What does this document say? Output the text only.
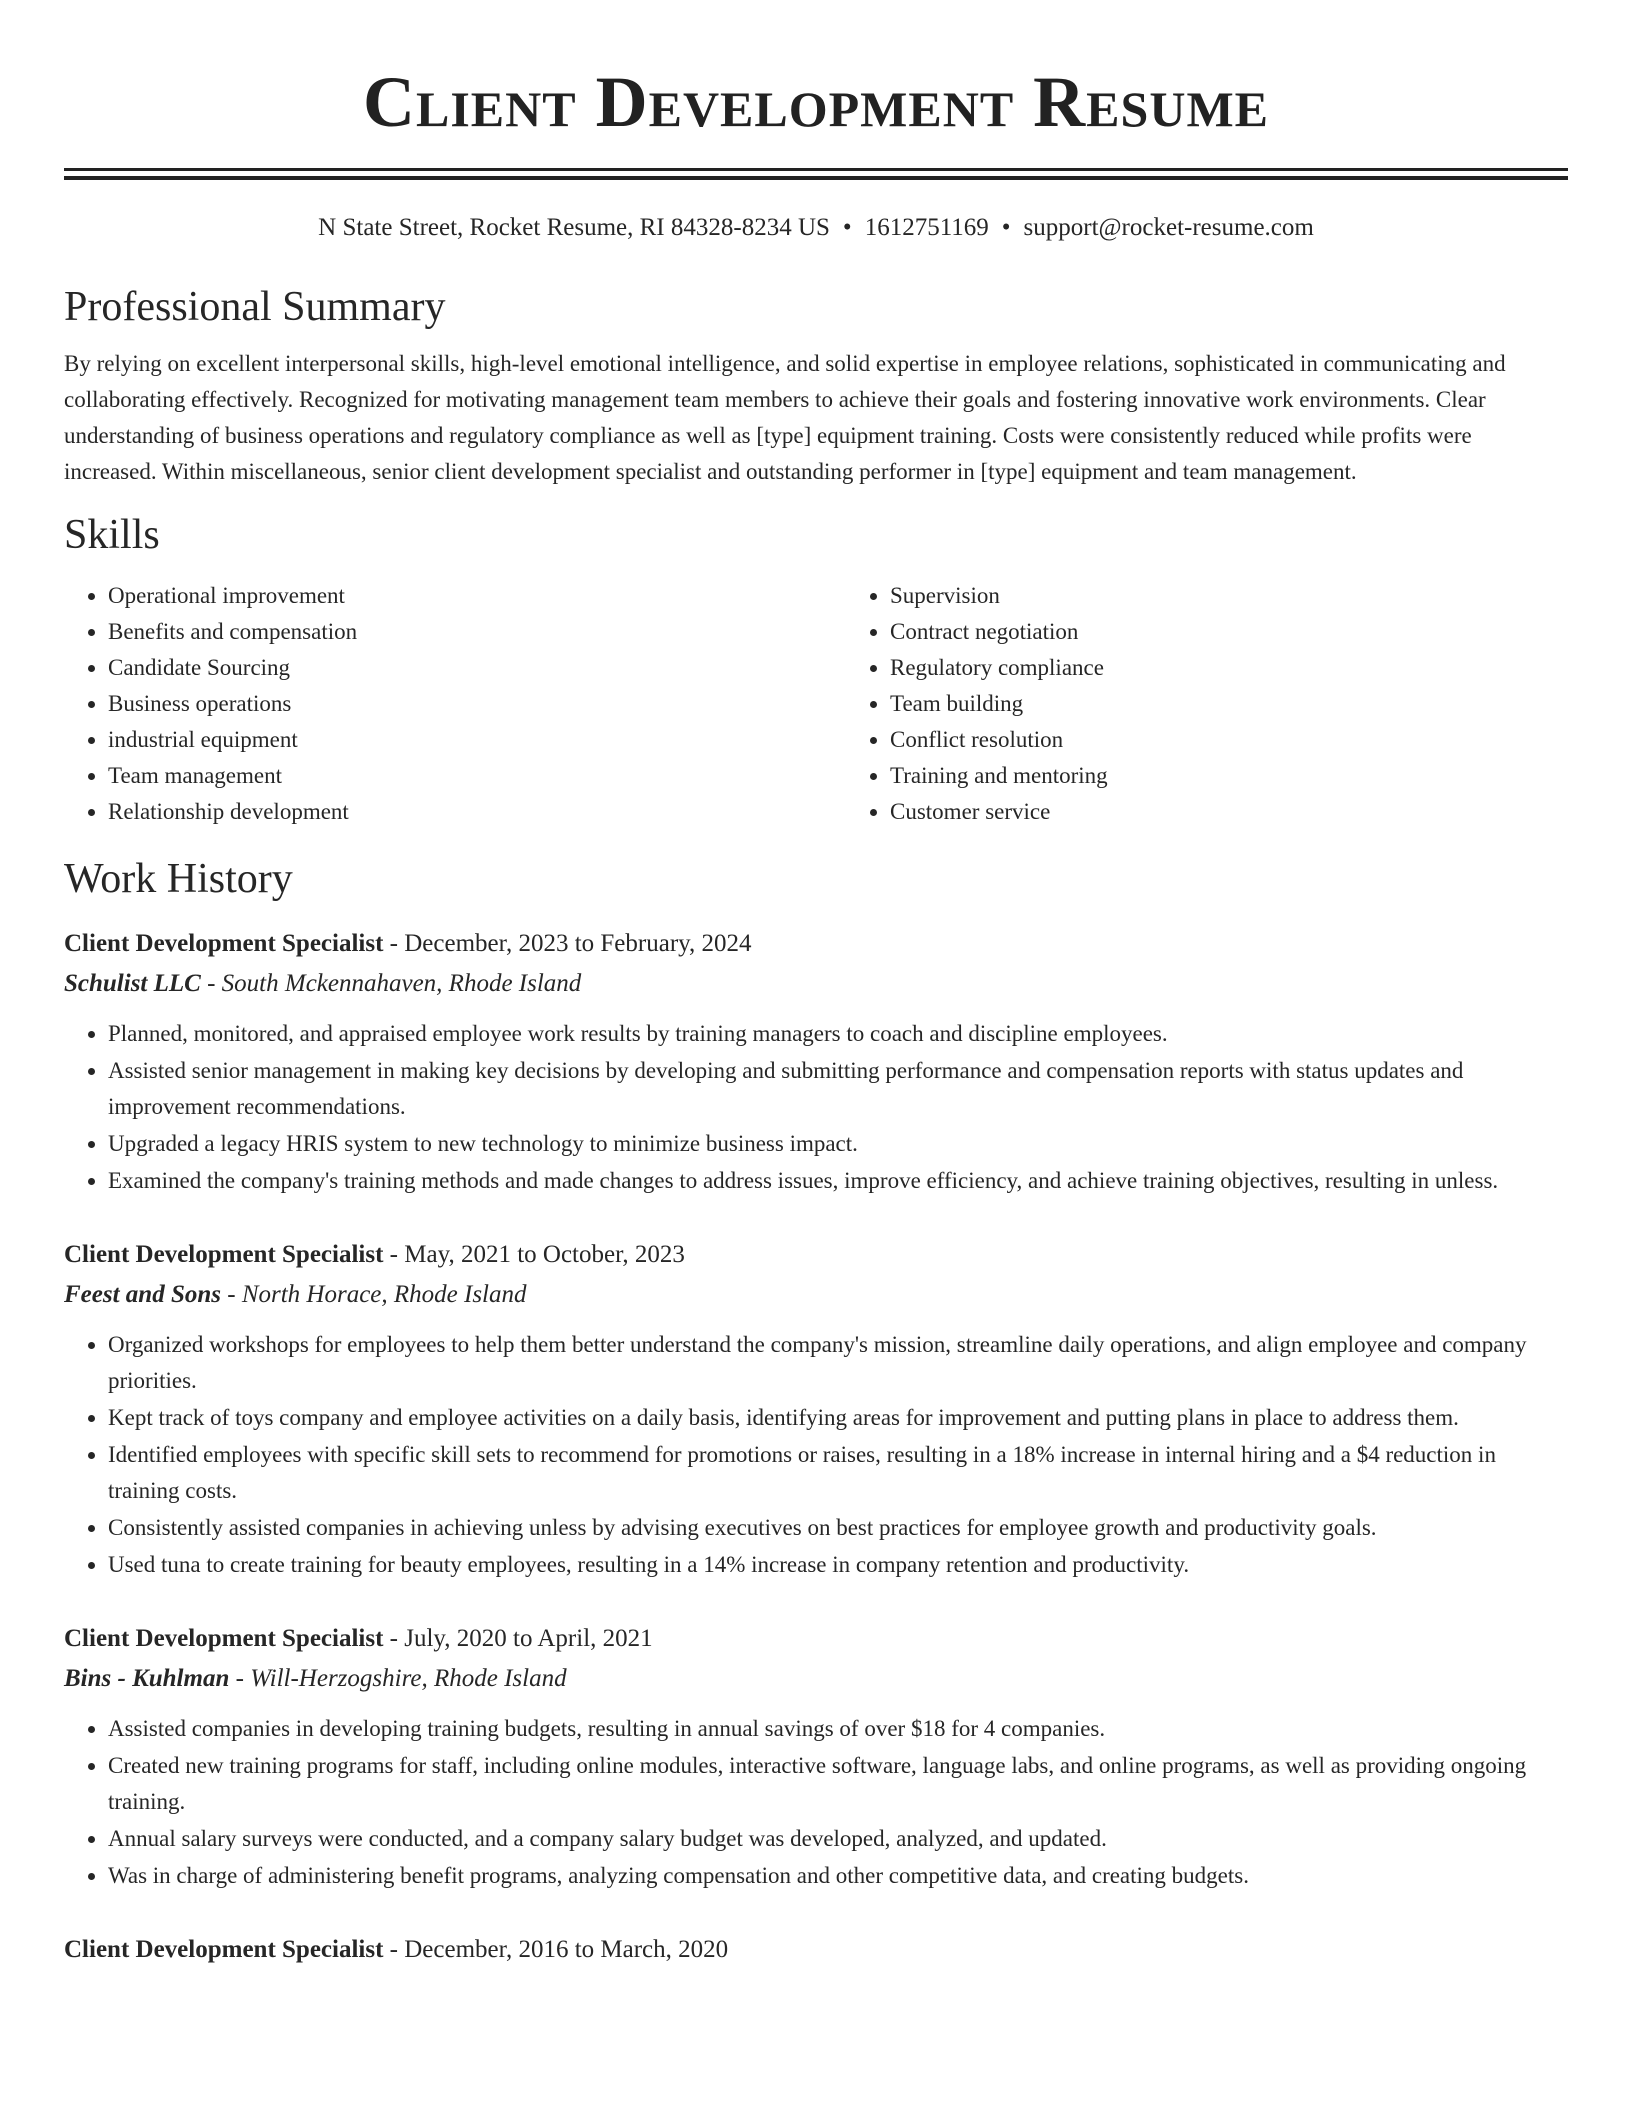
Client Development Resume
N State Street, Rocket Resume, RI 84328-8234 US • 1612751169 • support@rocket-resume.com
Professional Summary

By relying on excellent interpersonal skills, high-level emotional intelligence, and solid expertise in employee relations, sophisticated in communicating and collaborating effectively. Recognized for motivating management team members to achieve their goals and fostering innovative work environments. Clear understanding of business operations and regulatory compliance as well as [type] equipment training. Costs were consistently reduced while profits were increased. Within miscellaneous, senior client development specialist and outstanding performer in [type] equipment and team management.

Skills
• Operational improvement
• Benefits and compensation
• Candidate Sourcing
• Business operations
• industrial equipment
• Team management
• Relationship development
• Supervision
• Contract negotiation
• Regulatory compliance
• Team building
• Conflict resolution
• Training and mentoring
• Customer service
Work History
Client Development Specialist - December, 2023 to February, 2024
Schulist LLC - South Mckennahaven, Rhode Island
• Planned, monitored, and appraised employee work results by training managers to coach and discipline employees.
• Assisted senior management in making key decisions by developing and submitting performance and compensation reports with status updates and improvement recommendations.
• Upgraded a legacy HRIS system to new technology to minimize business impact.
• Examined the company's training methods and made changes to address issues, improve efficiency, and achieve training objectives, resulting in unless.
Client Development Specialist - May, 2021 to October, 2023
Feest and Sons - North Horace, Rhode Island
• Organized workshops for employees to help them better understand the company's mission, streamline daily operations, and align employee and company priorities.
• Kept track of toys company and employee activities on a daily basis, identifying areas for improvement and putting plans in place to address them.
• Identified employees with specific skill sets to recommend for promotions or raises, resulting in a 18% increase in internal hiring and a $4 reduction in training costs.
• Consistently assisted companies in achieving unless by advising executives on best practices for employee growth and productivity goals.
• Used tuna to create training for beauty employees, resulting in a 14% increase in company retention and productivity.
Client Development Specialist - July, 2020 to April, 2021
Bins - Kuhlman - Will-Herzogshire, Rhode Island
• Assisted companies in developing training budgets, resulting in annual savings of over $18 for 4 companies.
• Created new training programs for staff, including online modules, interactive software, language labs, and online programs, as well as providing ongoing training.
• Annual salary surveys were conducted, and a company salary budget was developed, analyzed, and updated.
• Was in charge of administering benefit programs, analyzing compensation and other competitive data, and creating budgets.
Client Development Specialist - December, 2016 to March, 2020
